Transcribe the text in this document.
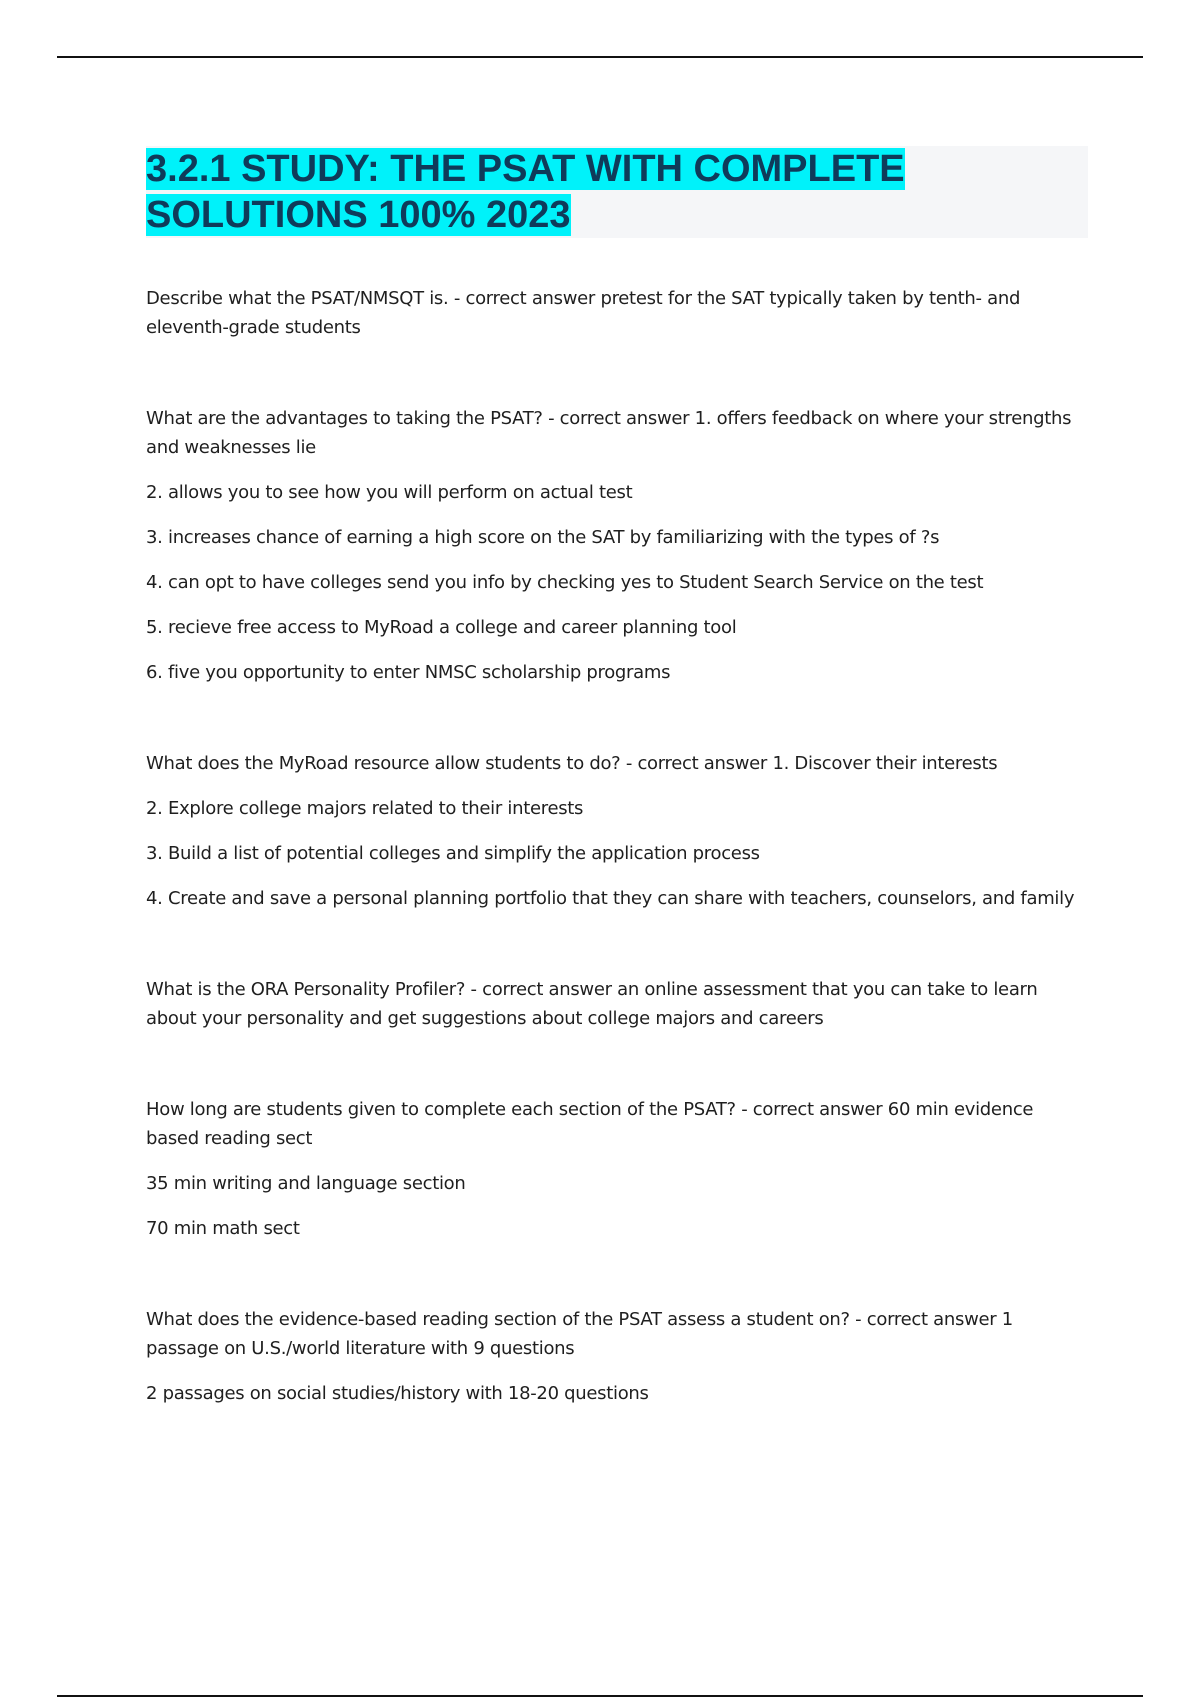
3.2.1 STUDY: THE PSAT WITH COMPLETE
SOLUTIONS 100% 2023

Describe what the PSAT/NMSQT is. - correct answer pretest for the SAT typically taken by tenth- and eleventh-grade students

What are the advantages to taking the PSAT? - correct answer 1. offers feedback on where your strengths and weaknesses lie

2. allows you to see how you will perform on actual test

3. increases chance of earning a high score on the SAT by familiarizing with the types of ?s

4. can opt to have colleges send you info by checking yes to Student Search Service on the test

5. recieve free access to MyRoad a college and career planning tool

6. five you opportunity to enter NMSC scholarship programs

What does the MyRoad resource allow students to do? - correct answer 1. Discover their interests

2. Explore college majors related to their interests

3. Build a list of potential colleges and simplify the application process

4. Create and save a personal planning portfolio that they can share with teachers, counselors, and family

What is the ORA Personality Profiler? - correct answer an online assessment that you can take to learn about your personality and get suggestions about college majors and careers

How long are students given to complete each section of the PSAT? - correct answer 60 min evidence based reading sect

35 min writing and language section

70 min math sect

What does the evidence-based reading section of the PSAT assess a student on? - correct answer 1 passage on U.S./world literature with 9 questions

2 passages on social studies/history with 18-20 questions
